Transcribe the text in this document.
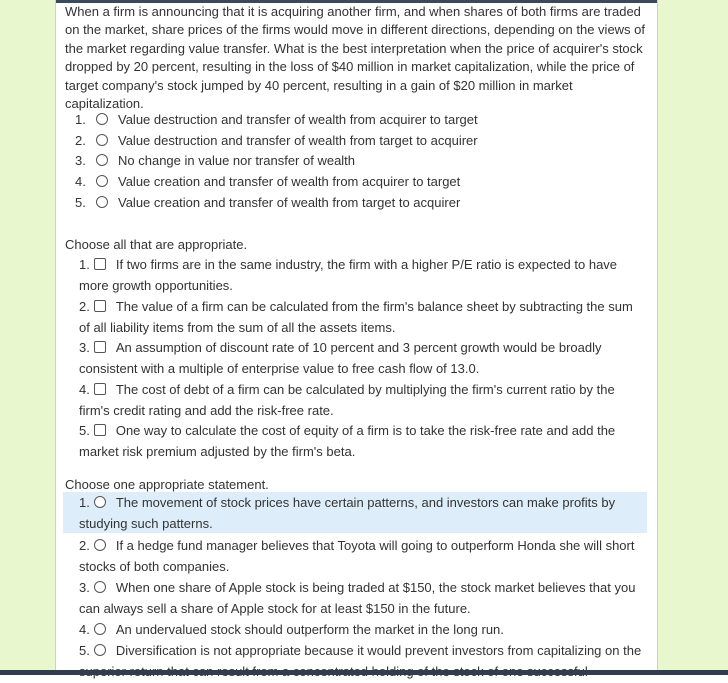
When a firm is announcing that it is acquiring another firm, and when shares of both firms are traded on the market, share prices of the firms would move in different directions, depending on the views of the market regarding value transfer. What is the best interpretation when the price of acquirer's stock dropped by 20 percent, resulting in the loss of $40 million in market capitalization, while the price of target company's stock jumped by 40 percent, resulting in a gain of $20 million in market capitalization.

1. Value destruction and transfer of wealth from acquirer to target
2. Value destruction and transfer of wealth from target to acquirer
3. No change in value nor transfer of wealth
4. Value creation and transfer of wealth from acquirer to target
5. Value creation and transfer of wealth from target to acquirer

Choose all that are appropriate.

1. If two firms are in the same industry, the firm with a higher P/E ratio is expected to have more growth opportunities.
2. The value of a firm can be calculated from the firm's balance sheet by subtracting the sum of all liability items from the sum of all the assets items.
3. An assumption of discount rate of 10 percent and 3 percent growth would be broadly consistent with a multiple of enterprise value to free cash flow of 13.0.
4. The cost of debt of a firm can be calculated by multiplying the firm's current ratio by the firm's credit rating and add the risk-free rate.
5. One way to calculate the cost of equity of a firm is to take the risk-free rate and add the market risk premium adjusted by the firm's beta.

Choose one appropriate statement.

1. The movement of stock prices have certain patterns, and investors can make profits by studying such patterns.
2. If a hedge fund manager believes that Toyota will going to outperform Honda she will short stocks of both companies.
3. When one share of Apple stock is being traded at $150, the stock market believes that you can always sell a share of Apple stock for at least $150 in the future.
4. An undervalued stock should outperform the market in the long run.
5. Diversification is not appropriate because it would prevent investors from capitalizing on the
